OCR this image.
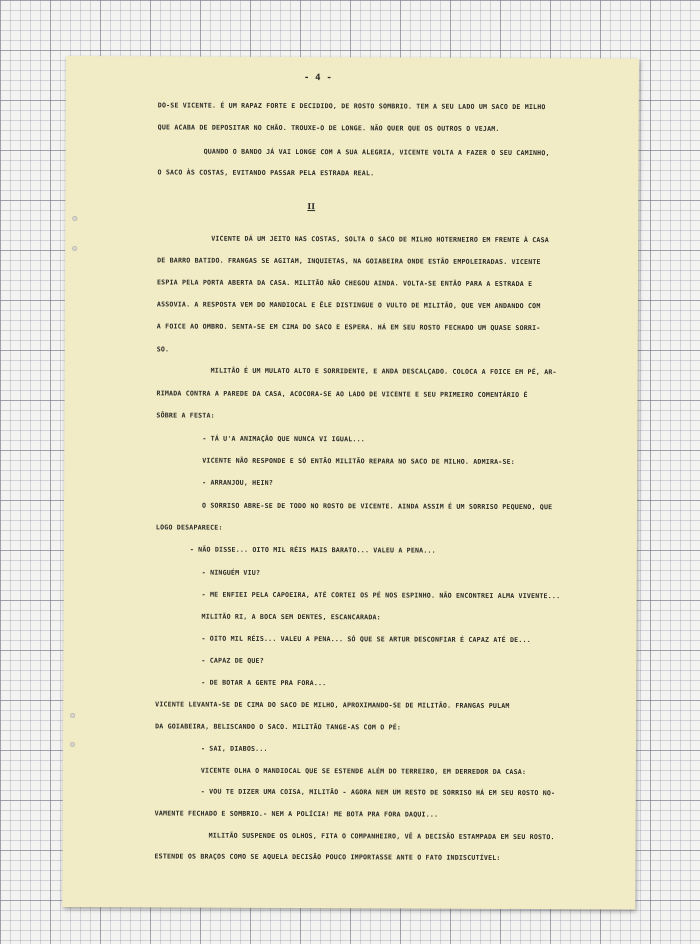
- 4 -
DO-SE VICENTE. É UM RAPAZ FORTE E DECIDIDO, DE ROSTO SOMBRIO. TEM A SEU LADO UM SACO DE MILHO
QUE ACABA DE DEPOSITAR NO CHÃO. TROUXE-O DE LONGE. NÃO QUER QUE OS OUTROS O VEJAM.
QUANDO O BANDO JÁ VAI LONGE COM A SUA ALEGRIA, VICENTE VOLTA A FAZER O SEU CAMINHO,
O SACO ÀS COSTAS, EVITANDO PASSAR PELA ESTRADA REAL.
II
VICENTE DÁ UM JEITO NAS COSTAS, SOLTA O SACO DE MILHO HOTERNEIRO EM FRENTE À CASA
DE BARRO BATIDO. FRANGAS SE AGITAM, INQUIETAS, NA GOIABEIRA ONDE ESTÃO EMPOLEIRADAS. VICENTE
ESPIA PELA PORTA ABERTA DA CASA. MILITÃO NÃO CHEGOU AINDA. VOLTA-SE ENTÃO PARA A ESTRADA E
ASSOVIA. A RESPOSTA VEM DO MANDIOCAL E ÊLE DISTINGUE O VULTO DE MILITÃO, QUE VEM ANDANDO COM
A FOICE AO OMBRO. SENTA-SE EM CIMA DO SACO E ESPERA. HÁ EM SEU ROSTO FECHADO UM QUASE SORRI-
SO.
MILITÃO É UM MULATO ALTO E SORRIDENTE, E ANDA DESCALÇADO. COLOCA A FOICE EM PÉ, AR-
RIMADA CONTRA A PAREDE DA CASA, ACOCORA-SE AO LADO DE VICENTE E SEU PRIMEIRO COMENTÁRIO É
SÔBRE A FESTA:
- TÁ U'A ANIMAÇÃO QUE NUNCA VI IGUAL...
VICENTE NÃO RESPONDE E SÓ ENTÃO MILITÃO REPARA NO SACO DE MILHO. ADMIRA-SE:
- ARRANJOU, HEIN?
O SORRISO ABRE-SE DE TODO NO ROSTO DE VICENTE. AINDA ASSIM É UM SORRISO PEQUENO, QUE
LOGO DESAPARECE:
- NÃO DISSE... OITO MIL RÉIS MAIS BARATO... VALEU A PENA...
- NINGUÉM VIU?
- ME ENFIEI PELA CAPOEIRA, ATÉ CORTEI OS PÉ NOS ESPINHO. NÃO ENCONTREI ALMA VIVENTE...
MILITÃO RI, A BOCA SEM DENTES, ESCANCARADA:
- OITO MIL RÉIS... VALEU A PENA... SÓ QUE SE ARTUR DESCONFIAR É CAPAZ ATÉ DE...
- CAPAZ DE QUE?
- DE BOTAR A GENTE PRA FORA...
VICENTE LEVANTA-SE DE CIMA DO SACO DE MILHO, APROXIMANDO-SE DE MILITÃO. FRANGAS PULAM
DA GOIABEIRA, BELISCANDO O SACO. MILITÃO TANGE-AS COM O PÉ:
- SAI, DIABOS...
VICENTE OLHA O MANDIOCAL QUE SE ESTENDE ALÉM DO TERREIRO, EM DERREDOR DA CASA:
- VOU TE DIZER UMA COISA, MILITÃO - AGORA NEM UM RESTO DE SORRISO HÁ EM SEU ROSTO NO-
VAMENTE FECHADO E SOMBRIO.- NEM A POLÍCIA! ME BOTA PRA FORA DAQUI...
MILITÃO SUSPENDE OS OLHOS, FITA O COMPANHEIRO, VÊ A DECISÃO ESTAMPADA EM SEU ROSTO.
ESTENDE OS BRAÇOS COMO SE AQUELA DECISÃO POUCO IMPORTASSE ANTE O FATO INDISCUTÍVEL:
